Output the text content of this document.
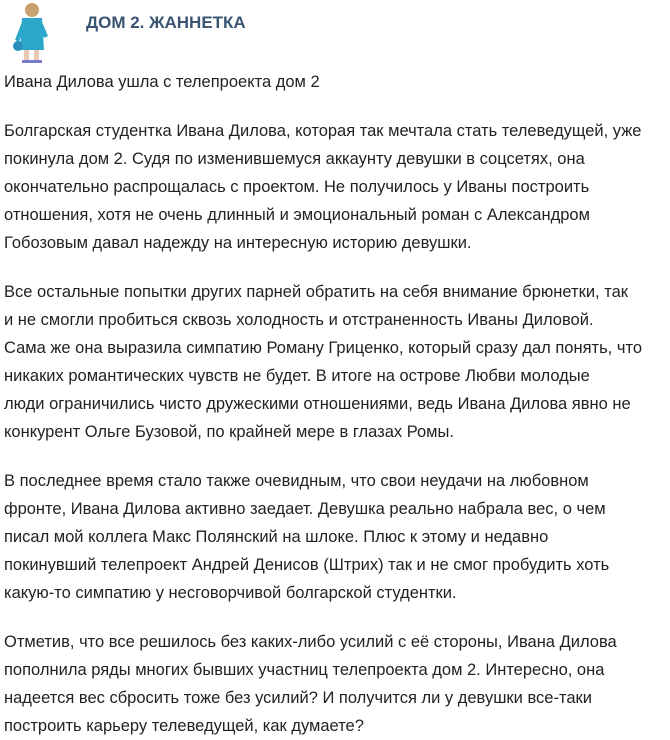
ДОМ 2. ЖАННЕТКА

Ивана Дилова ушла с телепроекта дом 2

Болгарская студентка Ивана Дилова, которая так мечтала стать телеведущей, уже
покинула дом 2. Судя по изменившемуся аккаунту девушки в соцсетях, она
окончательно распрощалась с проектом. Не получилось у Иваны построить
отношения, хотя не очень длинный и эмоциональный роман с Александром
Гобозовым давал надежду на интересную историю девушки.

Все остальные попытки других парней обратить на себя внимание брюнетки, так
и не смогли пробиться сквозь холодность и отстраненность Иваны Диловой.
Сама же она выразила симпатию Роману Гриценко, который сразу дал понять, что
никаких романтических чувств не будет. В итоге на острове Любви молодые
люди ограничились чисто дружескими отношениями, ведь Ивана Дилова явно не
конкурент Ольге Бузовой, по крайней мере в глазах Ромы.

В последнее время стало также очевидным, что свои неудачи на любовном
фронте, Ивана Дилова активно заедает. Девушка реально набрала вес, о чем
писал мой коллега Макс Полянский на шлоке. Плюс к этому и недавно
покинувший телепроект Андрей Денисов (Штрих) так и не смог пробудить хоть
какую-то симпатию у несговорчивой болгарской студентки.

Отметив, что все решилось без каких-либо усилий с её стороны, Ивана Дилова
пополнила ряды многих бывших участниц телепроекта дом 2. Интересно, она
надеется вес сбросить тоже без усилий? И получится ли у девушки все-таки
построить карьеру телеведущей, как думаете?
